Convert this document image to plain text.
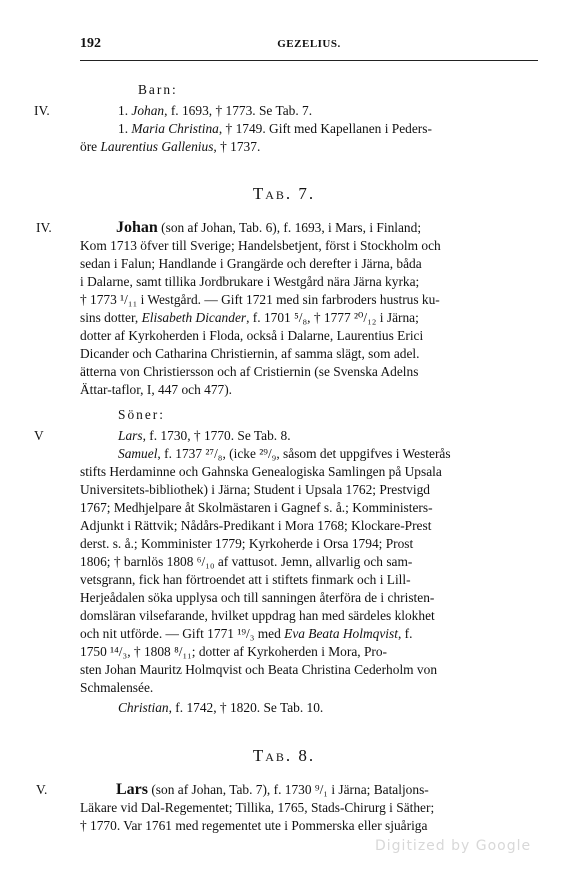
192	GEZELIUS.
Barn:
IV.	1. Johan, f. 1693, † 1773. Se Tab. 7.
1. Maria Christina, † 1749. Gift med Kapellanen i Peders-
öre Laurentius Gallenius, † 1737.
Tab. 7.
IV.	Johan (son af Johan, Tab. 6), f. 1693, i Mars, i Finland;
Kom 1713 öfver till Sverige; Handelsbetjent, först i Stockholm och
sedan i Falun; Handlande i Grangärde och derefter i Järna, båda
i Dalarne, samt tillika Jordbrukare i Westgård nära Järna kyrka;
† 1773 ¹/₁₁ i Westgård. — Gift 1721 med sin farbroders hustrus ku-
sins dotter, Elisabeth Dicander, f. 1701 ⁵/₈, † 1777 ²⁰/₁₂ i Järna;
dotter af Kyrkoherden i Floda, också i Dalarne, Laurentius Erici
Dicander och Catharina Christiernin, af samma slägt, som adel.
ätterna von Christiersson och af Cristiernin (se Svenska Adelns
Ättar-taflor, I, 447 och 477).
Söner:
V	Lars, f. 1730, † 1770. Se Tab. 8.
Samuel, f. 1737 ²⁷/₈, (icke ²⁹/₉, såsom det uppgifves i Westerås
stifts Herdaminne och Gahnska Genealogiska Samlingen på Upsala
Universitets-bibliothek) i Järna; Student i Upsala 1762; Prestvigd
1767; Medhjelpare åt Skolmästaren i Gagnef s. å.; Komministers-
Adjunkt i Rättvik; Nådårs-Predikant i Mora 1768; Klockare-Prest
derst. s. å.; Komminister 1779; Kyrkoherde i Orsa 1794; Prost
1806; † barnlös 1808 ⁶/₁₀ af vattusot. Jemn, allvarlig och sam-
vetsgrann, fick han förtroendet att i stiftets finmark och i Lill-
Herjeådalen söka upplysa och till sanningen återföra de i christen-
domsläran vilsefarande, hvilket uppdrag han med särdeles klokhet
och nit utförde. — Gift 1771 ¹⁹/₃ med Eva Beata Holmqvist, f.
1750 ¹⁴/₃, † 1808 ⁸/₁₁; dotter af Kyrkoherden i Mora, Pro-
sten Johan Mauritz Holmqvist och Beata Christina Cederholm von
Schmalensée.
Christian, f. 1742, † 1820. Se Tab. 10.
Tab. 8.
V.	Lars (son af Johan, Tab. 7), f. 1730 ⁹/₁ i Järna; Bataljons-
Läkare vid Dal-Regementet; Tillika, 1765, Stads-Chirurg i Säther;
† 1770. Var 1761 med regementet ute i Pommerska eller sjuåriga
Digitized by Google
